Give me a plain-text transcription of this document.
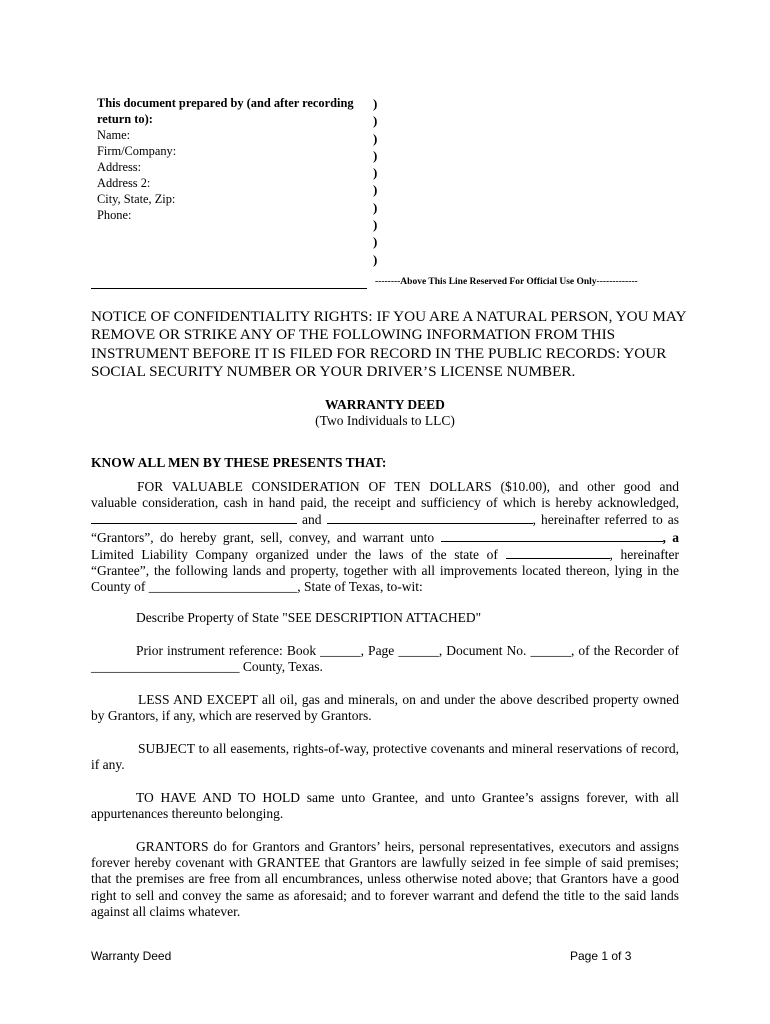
This document prepared by (and after recording
return to):
Name:
Firm/Company:
Address:
Address 2:
City, State, Zip:
Phone:
)
)
)
)
)
)
)
)
)
)
--------Above This Line Reserved For Official Use Only-------------
NOTICE OF CONFIDENTIALITY RIGHTS: IF YOU ARE A NATURAL PERSON, YOU MAY REMOVE OR STRIKE ANY OF THE FOLLOWING INFORMATION FROM THIS INSTRUMENT BEFORE IT IS FILED FOR RECORD IN THE PUBLIC RECORDS: YOUR SOCIAL SECURITY NUMBER OR YOUR DRIVER’S LICENSE NUMBER.
WARRANTY DEED
(Two Individuals to LLC)
KNOW ALL MEN BY THESE PRESENTS THAT:
FOR VALUABLE CONSIDERATION OF TEN DOLLARS ($10.00), and other good and
valuable consideration, cash in hand paid, the receipt and sufficiency of which is hereby acknowledged,
and	, hereinafter referred to as
“Grantors”, do hereby grant, sell, convey, and warrant unto	, a
Limited Liability Company organized under the laws of the state of	, hereinafter
“Grantee”, the following lands and property, together with all improvements located thereon, lying in the
County of ______________________, State of Texas, to-wit:
Describe Property of State "SEE DESCRIPTION ATTACHED"
Prior instrument reference: Book ______, Page ______, Document No. ______, of the Recorder of
______________________ County, Texas.
LESS AND EXCEPT all oil, gas and minerals, on and under the above described property owned by Grantors, if any, which are reserved by Grantors.
SUBJECT to all easements, rights-of-way, protective covenants and mineral reservations of record, if any.
TO HAVE AND TO HOLD same unto Grantee, and unto Grantee’s assigns forever, with all appurtenances thereunto belonging.
GRANTORS do for Grantors and Grantors’ heirs, personal representatives, executors and assigns forever hereby covenant with GRANTEE that Grantors are lawfully seized in fee simple of said premises; that the premises are free from all encumbrances, unless otherwise noted above; that Grantors have a good right to sell and convey the same as aforesaid; and to forever warrant and defend the title to the said lands against all claims whatever.
Warranty Deed	Page 1 of 3
